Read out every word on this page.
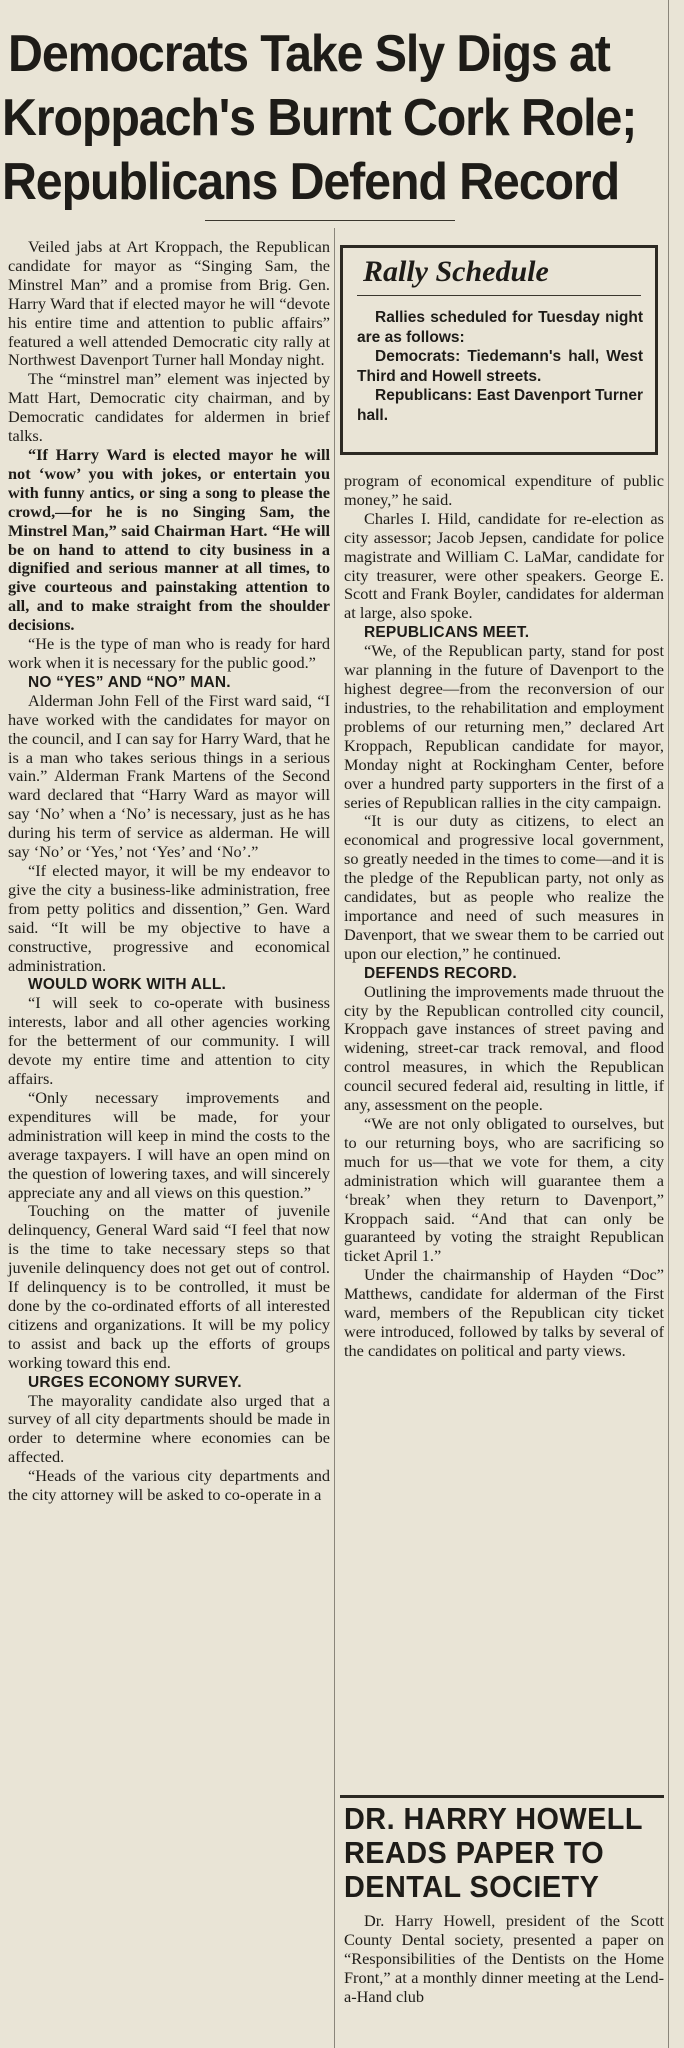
Democrats Take Sly Digs at
Kroppach's Burnt Cork Role;
Republicans Defend Record

Veiled jabs at Art Kroppach, the Republican candidate for mayor as “Singing Sam, the Minstrel Man” and a promise from Brig. Gen. Harry Ward that if elected mayor he will “devote his entire time and attention to public affairs” featured a well attended Democratic city rally at Northwest Davenport Turner hall Monday night.

The “minstrel man” element was injected by Matt Hart, Democratic city chairman, and by Democratic candidates for aldermen in brief talks.

“If Harry Ward is elected mayor he will not ‘wow’ you with jokes, or entertain you with funny antics, or sing a song to please the crowd,—for he is no Singing Sam, the Minstrel Man,” said Chairman Hart. “He will be on hand to attend to city business in a dignified and serious manner at all times, to give courteous and painstaking attention to all, and to make straight from the shoulder decisions.

“He is the type of man who is ready for hard work when it is necessary for the public good.”

NO “YES” AND “NO” MAN.

Alderman John Fell of the First ward said, “I have worked with the candidates for mayor on the council, and I can say for Harry Ward, that he is a man who takes serious things in a serious vain.” Alderman Frank Martens of the Second ward declared that “Harry Ward as mayor will say ‘No’ when a ‘No’ is necessary, just as he has during his term of service as alderman. He will say ‘No’ or ‘Yes,’ not ‘Yes’ and ‘No’.”

“If elected mayor, it will be my endeavor to give the city a business-like administration, free from petty politics and dissention,” Gen. Ward said. “It will be my objective to have a constructive, progressive and economical administration.

WOULD WORK WITH ALL.

“I will seek to co-operate with business interests, labor and all other agencies working for the betterment of our community. I will devote my entire time and attention to city affairs.

“Only necessary improvements and expenditures will be made, for your administration will keep in mind the costs to the average taxpayers. I will have an open mind on the question of lowering taxes, and will sincerely appreciate any and all views on this question.”

Touching on the matter of juvenile delinquency, General Ward said “I feel that now is the time to take necessary steps so that juvenile delinquency does not get out of control. If delinquency is to be controlled, it must be done by the co-ordinated efforts of all interested citizens and organizations. It will be my policy to assist and back up the efforts of groups working toward this end.

URGES ECONOMY SURVEY.

The mayorality candidate also urged that a survey of all city departments should be made in order to determine where economies can be affected.

“Heads of the various city departments and the city attorney will be asked to co-operate in a

Rally Schedule

Rallies scheduled for Tuesday night are as follows:

Democrats: Tiedemann's hall, West Third and Howell streets.

Republicans: East Davenport Turner hall.

program of economical expenditure of public money,” he said.

Charles I. Hild, candidate for re-election as city assessor; Jacob Jepsen, candidate for police magistrate and William C. LaMar, candidate for city treasurer, were other speakers. George E. Scott and Frank Boyler, candidates for alderman at large, also spoke.

REPUBLICANS MEET.

“We, of the Republican party, stand for post war planning in the future of Davenport to the highest degree—from the reconversion of our industries, to the rehabilitation and employment problems of our returning men,” declared Art Kroppach, Republican candidate for mayor, Monday night at Rockingham Center, before over a hundred party supporters in the first of a series of Republican rallies in the city campaign.

“It is our duty as citizens, to elect an economical and progressive local government, so greatly needed in the times to come—and it is the pledge of the Republican party, not only as candidates, but as people who realize the importance and need of such measures in Davenport, that we swear them to be carried out upon our election,” he continued.

DEFENDS RECORD.

Outlining the improvements made thruout the city by the Republican controlled city council, Kroppach gave instances of street paving and widening, street-car track removal, and flood control measures, in which the Republican council secured federal aid, resulting in little, if any, assessment on the people.

“We are not only obligated to ourselves, but to our returning boys, who are sacrificing so much for us—that we vote for them, a city administration which will guarantee them a ‘break’ when they return to Davenport,” Kroppach said. “And that can only be guaranteed by voting the straight Republican ticket April 1.”

Under the chairmanship of Hayden “Doc” Matthews, candidate for alderman of the First ward, members of the Republican city ticket were introduced, followed by talks by several of the candidates on political and party views.

DR. HARRY HOWELL
READS PAPER TO
DENTAL SOCIETY

Dr. Harry Howell, president of the Scott County Dental society, presented a paper on “Responsibilities of the Dentists on the Home Front,” at a monthly dinner meeting at the Lend-a-Hand club
